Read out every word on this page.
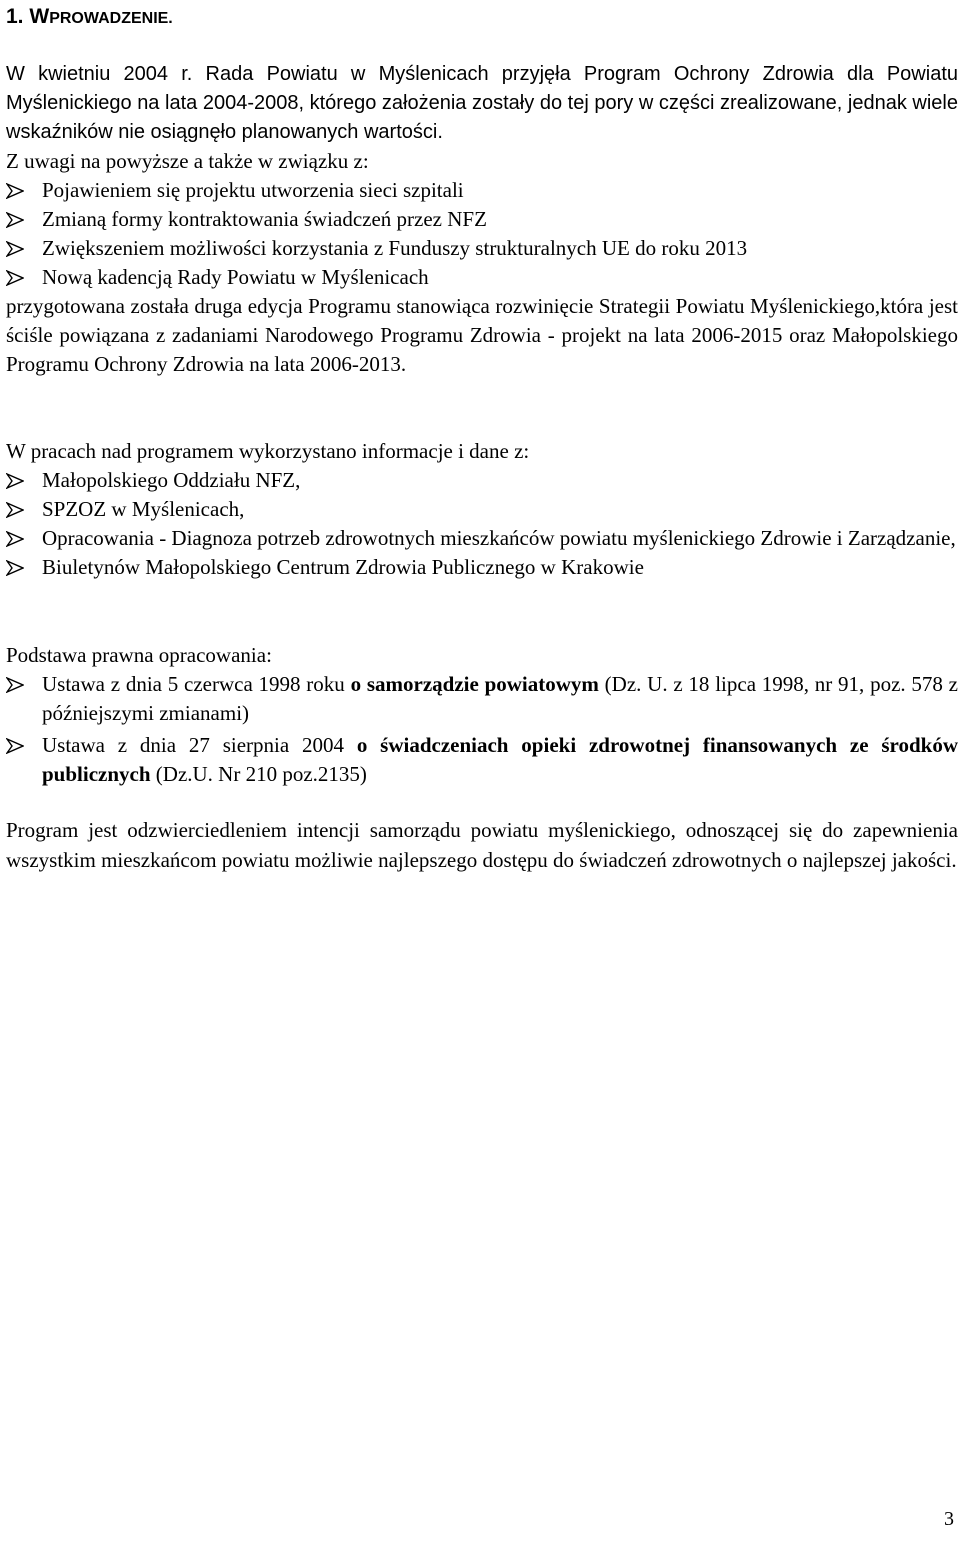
1. WPROWADZENIE.
W kwietniu 2004 r. Rada Powiatu w Myślenicach przyjęła Program Ochrony Zdrowia dla Powiatu Myślenickiego na lata 2004-2008, którego założenia zostały do tej pory w części zrealizowane, jednak wiele wskaźników nie osiągnęło planowanych wartości.
Z uwagi na powyższe a także w związku z:
Pojawieniem się projektu utworzenia sieci szpitali
Zmianą formy kontraktowania świadczeń przez NFZ
Zwiększeniem możliwości korzystania z Funduszy strukturalnych UE do roku 2013
Nową kadencją Rady Powiatu w Myślenicach
przygotowana została druga edycja Programu stanowiąca rozwinięcie Strategii Powiatu Myślenickiego,która jest ściśle powiązana z zadaniami Narodowego Programu Zdrowia - projekt na lata 2006-2015 oraz Małopolskiego Programu Ochrony Zdrowia na lata 2006-2013.
W pracach nad programem wykorzystano informacje i dane z:
Małopolskiego Oddziału NFZ,
SPZOZ w Myślenicach,
Opracowania - Diagnoza potrzeb zdrowotnych mieszkańców powiatu myślenickiego Zdrowie i Zarządzanie,
Biuletynów Małopolskiego Centrum Zdrowia Publicznego w Krakowie
Podstawa prawna opracowania:
Ustawa z dnia 5 czerwca 1998 roku o samorządzie powiatowym (Dz. U. z 18 lipca 1998, nr 91, poz. 578 z późniejszymi zmianami)
Ustawa z dnia 27 sierpnia 2004 o świadczeniach opieki zdrowotnej finansowanych ze środków publicznych (Dz.U. Nr 210 poz.2135)
Program jest odzwierciedleniem intencji samorządu powiatu myślenickiego, odnoszącej się do zapewnienia wszystkim mieszkańcom powiatu możliwie najlepszego dostępu do świadczeń zdrowotnych o najlepszej jakości.
3
